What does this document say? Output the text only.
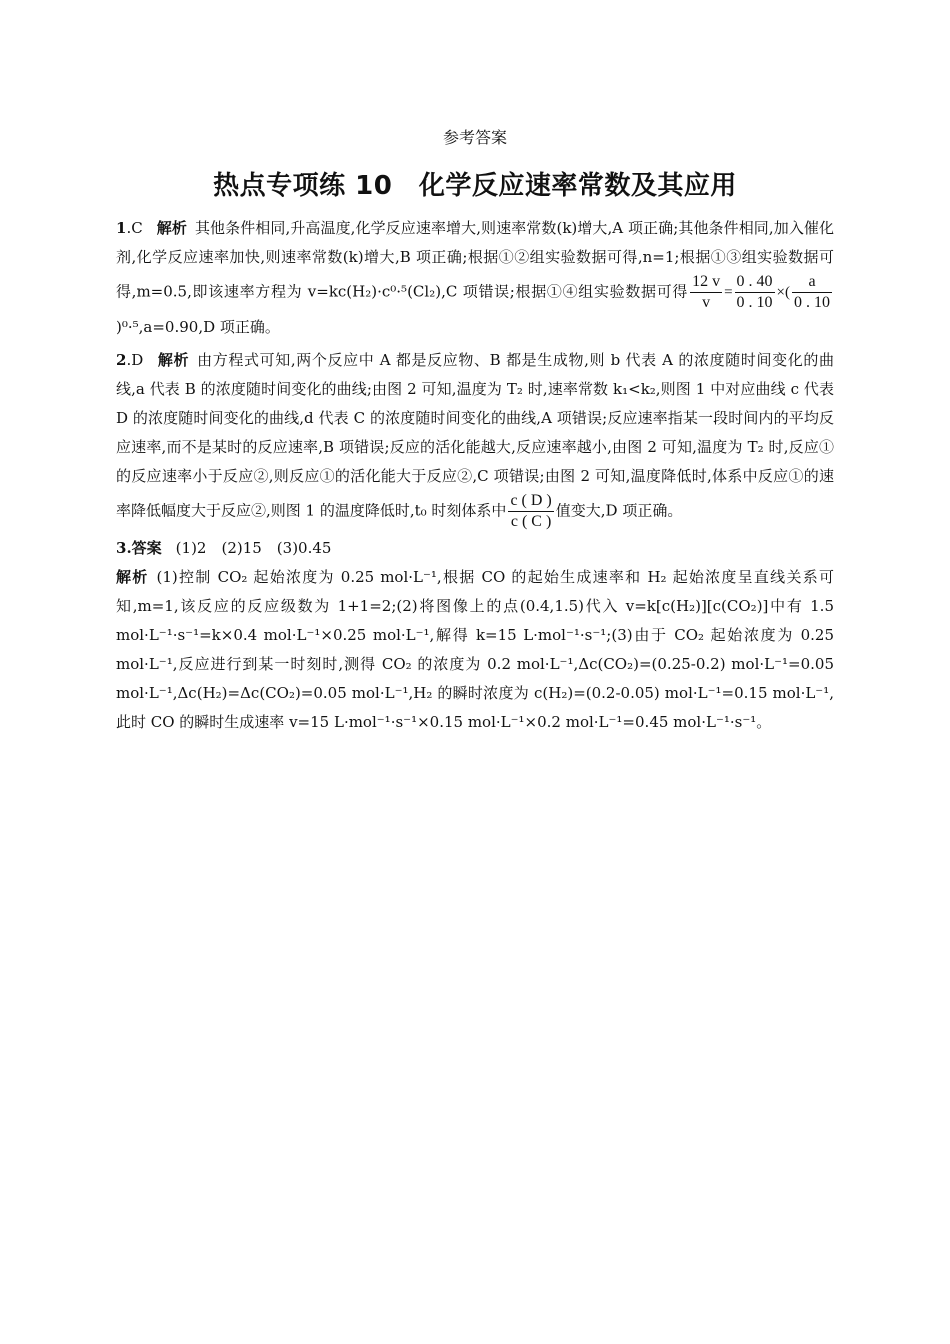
参考答案
热点专项练 10　化学反应速率常数及其应用

1.C 解析 其他条件相同,升高温度,化学反应速率增大,则速率常数(k)增大,A 项正确;其他条件相同,加入催化剂,化学反应速率加快,则速率常数(k)增大,B 项正确;根据①②组实验数据可得,n=1;根据①③组实验数据可得,m=0.5,即该速率方程为 v=kc(H₂)·c⁰·⁵(Cl₂),C 项错误;根据①④组实验数据可得 $\frac{12 v}{v} = \frac{0 . 40}{0 . 10}$ ×( $\frac{a}{0 . 10}$
)⁰·⁵,a=0.90,D 项正确。

2.D 解析 由方程式可知,两个反应中 A 都是反应物、B 都是生成物,则 b 代表 A 的浓度随时间变化的曲线,a 代表 B 的浓度随时间变化的曲线;由图 2 可知,温度为 T₂ 时,速率常数 k₁<k₂,则图 1 中对应曲线 c 代表 D 的浓度随时间变化的曲线,d 代表 C 的浓度随时间变化的曲线,A 项错误;反应速率指某一段时间内的平均反应速率,而不是某时的反应速率,B 项错误;反应的活化能越大,反应速率越小,由图 2 可知,温度为 T₂ 时,反应①的反应速率小于反应②,则反应①的活化能大于反应②,C 项错误;由图 2 可知,温度降低时,体系中反应①的速率降低幅度大于反应②,则图 1 的温度降低时,t₀ 时刻体系中 $\frac{c ( D )}{c ( C )}$ 值变大,D 项正确。

3.答案 (1)2　(2)15　(3)0.45

解析 (1)控制 CO₂ 起始浓度为 0.25 mol·L⁻¹,根据 CO 的起始生成速率和 H₂ 起始浓度呈直线关系可知,m=1,该反应的反应级数为 1+1=2;(2)将图像上的点(0.4,1.5)代入 v=k[c(H₂)][c(CO₂)]中有 1.5 mol·L⁻¹·s⁻¹=k×0.4 mol·L⁻¹×0.25 mol·L⁻¹,解得 k=15 L·mol⁻¹·s⁻¹;(3)由于 CO₂ 起始浓度为 0.25 mol·L⁻¹,反应进行到某一时刻时,测得 CO₂ 的浓度为 0.2 mol·L⁻¹,Δc(CO₂)=(0.25-0.2) mol·L⁻¹=0.05 mol·L⁻¹,Δc(H₂)=Δc(CO₂)=0.05 mol·L⁻¹,H₂ 的瞬时浓度为 c(H₂)=(0.2-0.05) mol·L⁻¹=0.15 mol·L⁻¹,此时 CO 的瞬时生成速率 v=15 L·mol⁻¹·s⁻¹×0.15 mol·L⁻¹×0.2 mol·L⁻¹=0.45 mol·L⁻¹·s⁻¹。
